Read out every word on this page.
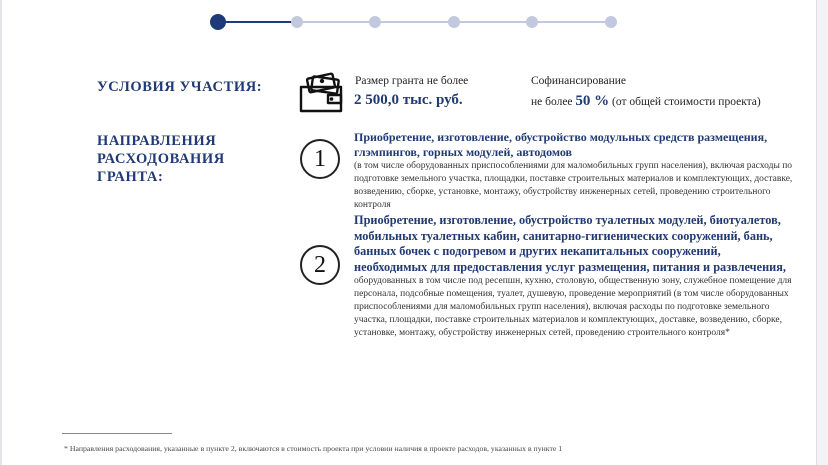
УСЛОВИЯ УЧАСТИЯ:	Размер гранта не более
2 500,0 тыс. руб.
Софинансирование
не более 50 % (от общей стоимости проекта)
НАПРАВЛЕНИЯ
РАСХОДОВАНИЯ
ГРАНТА:
1

Приобретение, изготовление, обустройство модульных средств размещения, глэмпингов, горных модулей, автодомов

(в том числе оборудованных приспособлениями для маломобильных групп населения), включая расходы по подготовке земельного участка, площадки, поставке строительных материалов и комплектующих, доставке, возведению, сборке, установке, монтажу, обустройству инженерных сетей, проведению строительного контроля

2

Приобретение, изготовление, обустройство туалетных модулей, биотуалетов, мобильных туалетных кабин, санитарно-гигиенических сооружений, бань, банных бочек с подогревом и других некапитальных сооружений, необходимых для предоставления услуг размещения, питания и развлечения,

оборудованных в том числе под ресепшн, кухню, столовую, общественную зону, служебное помещение для персонала, подсобные помещения, туалет, душевую, проведение мероприятий (в том числе оборудованных приспособлениями для маломобильных групп населения), включая расходы по подготовке земельного участка, площадки, поставке строительных материалов и комплектующих, доставке, возведению, сборке, установке, монтажу, обустройству инженерных сетей, проведению строительного контроля*

* Направления расходования, указанные в пункте 2, включаются в стоимость проекта при условии наличия в проекте расходов, указанных в пункте 1
